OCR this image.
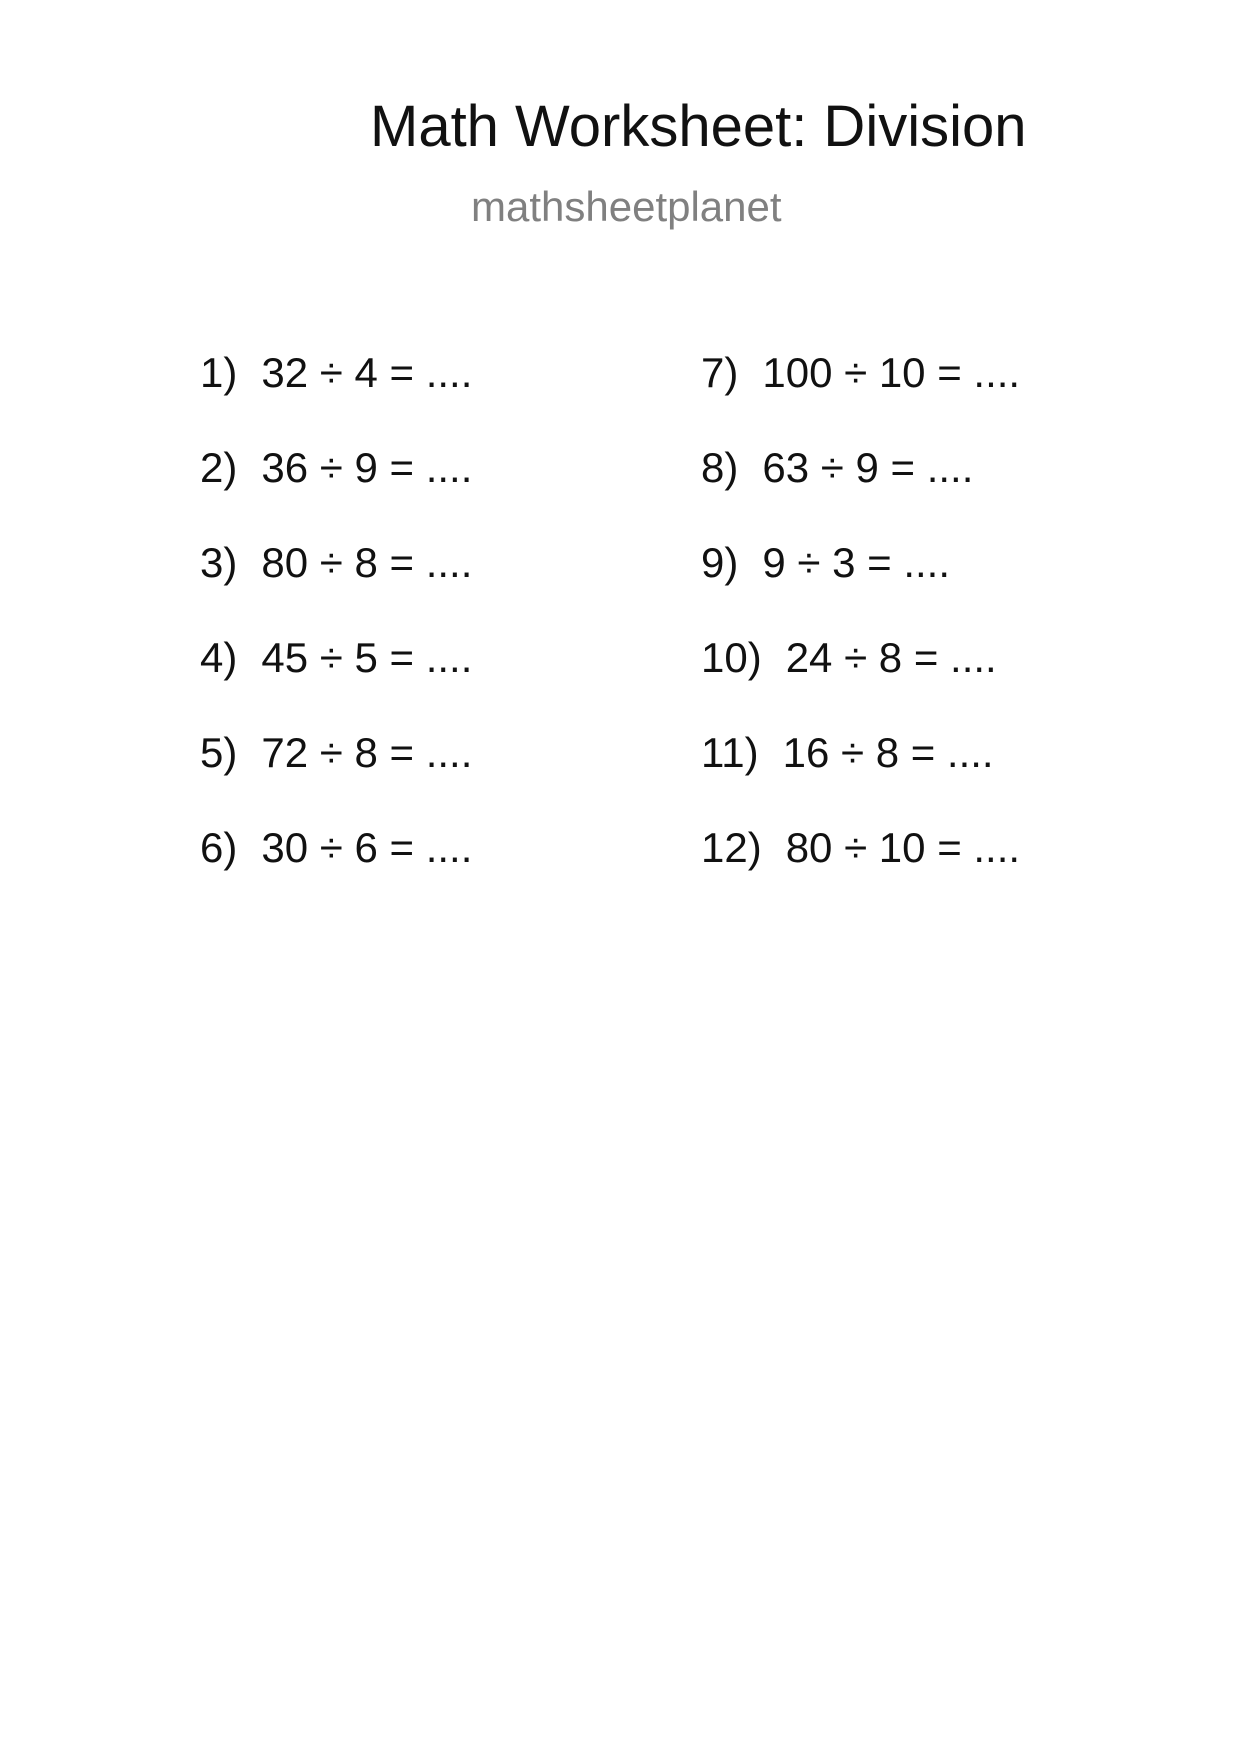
Math Worksheet: Division
mathsheetplanet
1) 32 ÷ 4 = ....
2) 36 ÷ 9 = ....
3) 80 ÷ 8 = ....
4) 45 ÷ 5 = ....
5) 72 ÷ 8 = ....
6) 30 ÷ 6 = ....
7) 100 ÷ 10 = ....
8) 63 ÷ 9 = ....
9) 9 ÷ 3 = ....
10) 24 ÷ 8 = ....
11) 16 ÷ 8 = ....
12) 80 ÷ 10 = ....
